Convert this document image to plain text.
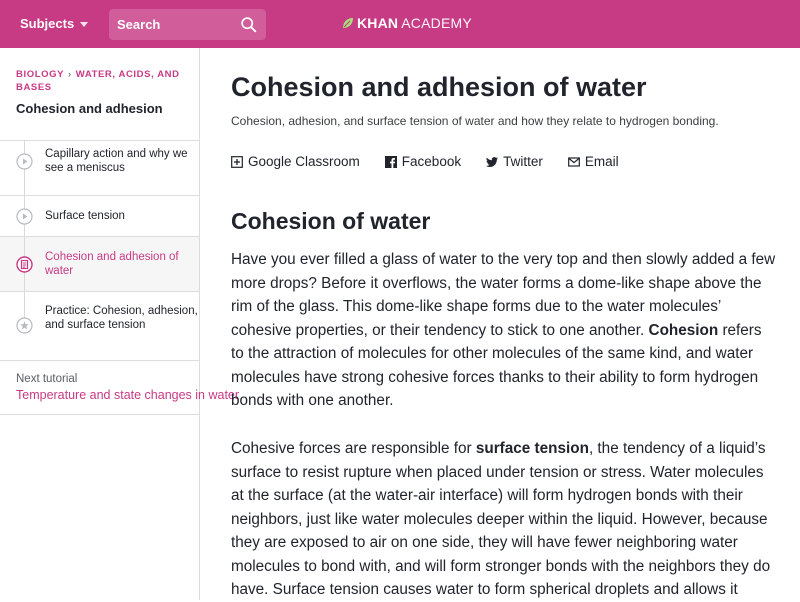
Subjects
Search	KHAN ACADEMY
BIOLOGY › WATER, ACIDS, AND BASES
Cohesion and adhesion
Capillary action and why we see a meniscus
Surface tension
Cohesion and adhesion of water
Practice: Cohesion, adhesion, and surface tension
Next tutorial
Temperature and state changes in water
Cohesion and adhesion of water
Cohesion, adhesion, and surface tension of water and how they relate to hydrogen bonding.
Google Classroom	Facebook	Twitter	Email
Cohesion of water
Have you ever filled a glass of water to the very top and then slowly added a few more drops? Before it overflows, the water forms a dome-like shape above the rim of the glass. This dome-like shape forms due to the water molecules’ cohesive properties, or their tendency to stick to one another. Cohesion refers to the attraction of molecules for other molecules of the same kind, and water molecules have strong cohesive forces thanks to their ability to form hydrogen bonds with one another.
Cohesive forces are responsible for surface tension, the tendency of a liquid’s surface to resist rupture when placed under tension or stress. Water molecules at the surface (at the water-air interface) will form hydrogen bonds with their neighbors, just like water molecules deeper within the liquid. However, because they are exposed to air on one side, they will have fewer neighboring water molecules to bond with, and will form stronger bonds with the neighbors they do have. Surface tension causes water to form spherical droplets and allows it
